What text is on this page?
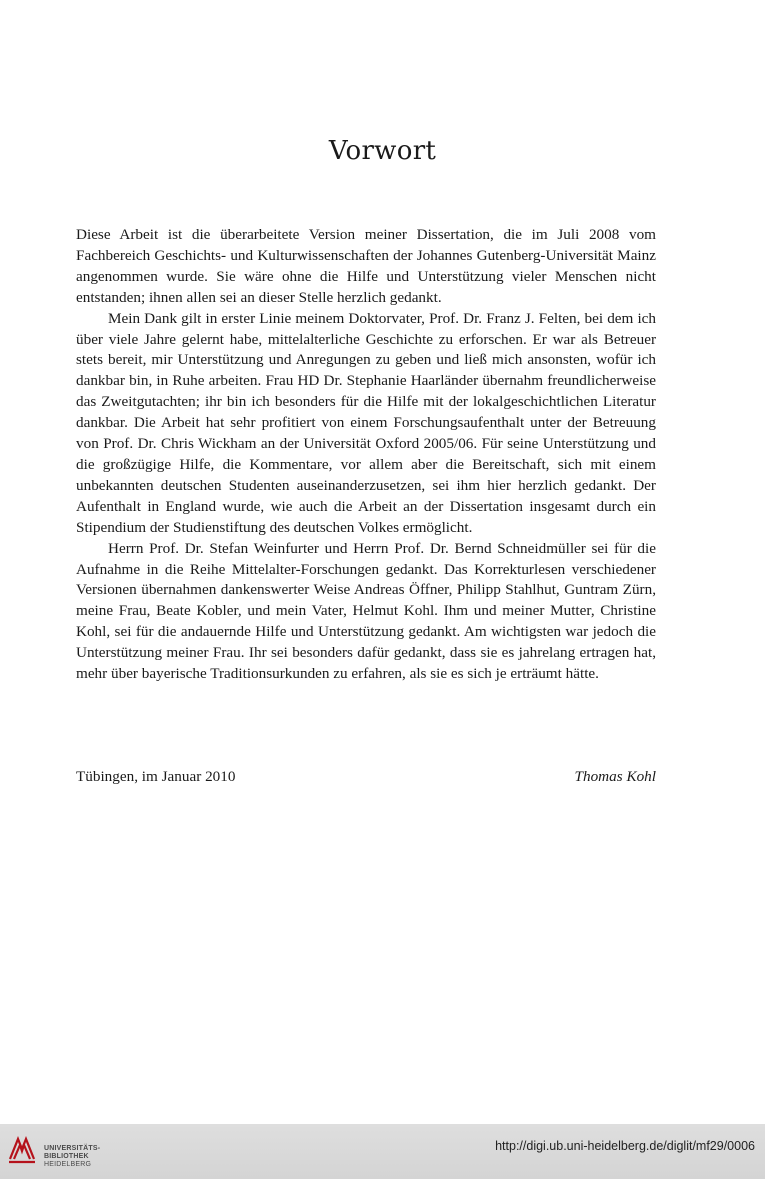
Vorwort

Diese Arbeit ist die überarbeitete Version meiner Dissertation, die im Juli 2008 vom Fachbereich Geschichts- und Kulturwissenschaften der Johannes Gutenberg-Universität Mainz angenommen wurde. Sie wäre ohne die Hilfe und Unterstützung vieler Menschen nicht entstanden; ihnen allen sei an dieser Stelle herzlich gedankt.

Mein Dank gilt in erster Linie meinem Doktorvater, Prof. Dr. Franz J. Felten, bei dem ich über viele Jahre gelernt habe, mittelalterliche Geschichte zu erforschen. Er war als Betreuer stets bereit, mir Unterstützung und Anregungen zu geben und ließ mich ansonsten, wofür ich dankbar bin, in Ruhe arbeiten. Frau HD Dr. Stephanie Haarländer übernahm freundlicherweise das Zweitgutachten; ihr bin ich besonders für die Hilfe mit der lokalgeschichtlichen Literatur dankbar. Die Arbeit hat sehr profitiert von einem Forschungsaufenthalt unter der Betreuung von Prof. Dr. Chris Wickham an der Universität Oxford 2005/06. Für seine Unterstützung und die großzügige Hilfe, die Kommentare, vor allem aber die Bereitschaft, sich mit einem unbekannten deutschen Studenten auseinanderzusetzen, sei ihm hier herzlich gedankt. Der Aufenthalt in England wurde, wie auch die Arbeit an der Dissertation insgesamt durch ein Stipendium der Studienstiftung des deutschen Volkes ermöglicht.

Herrn Prof. Dr. Stefan Weinfurter und Herrn Prof. Dr. Bernd Schneidmüller sei für die Aufnahme in die Reihe Mittelalter-Forschungen gedankt. Das Korrekturlesen verschiedener Versionen übernahmen dankenswerter Weise Andreas Öffner, Philipp Stahlhut, Guntram Zürn, meine Frau, Beate Kobler, und mein Vater, Helmut Kohl. Ihm und meiner Mutter, Christine Kohl, sei für die andauernde Hilfe und Unterstützung gedankt. Am wichtigsten war jedoch die Unterstützung meiner Frau. Ihr sei besonders dafür gedankt, dass sie es jahrelang ertragen hat, mehr über bayerische Traditionsurkunden zu erfahren, als sie es sich je erträumt hätte.

Tübingen, im Januar 2010	Thomas Kohl
UNIVERSITÄTS-
BIBLIOTHEK
HEIDELBERG
http://digi.ub.uni-heidelberg.de/diglit/mf29/0006
